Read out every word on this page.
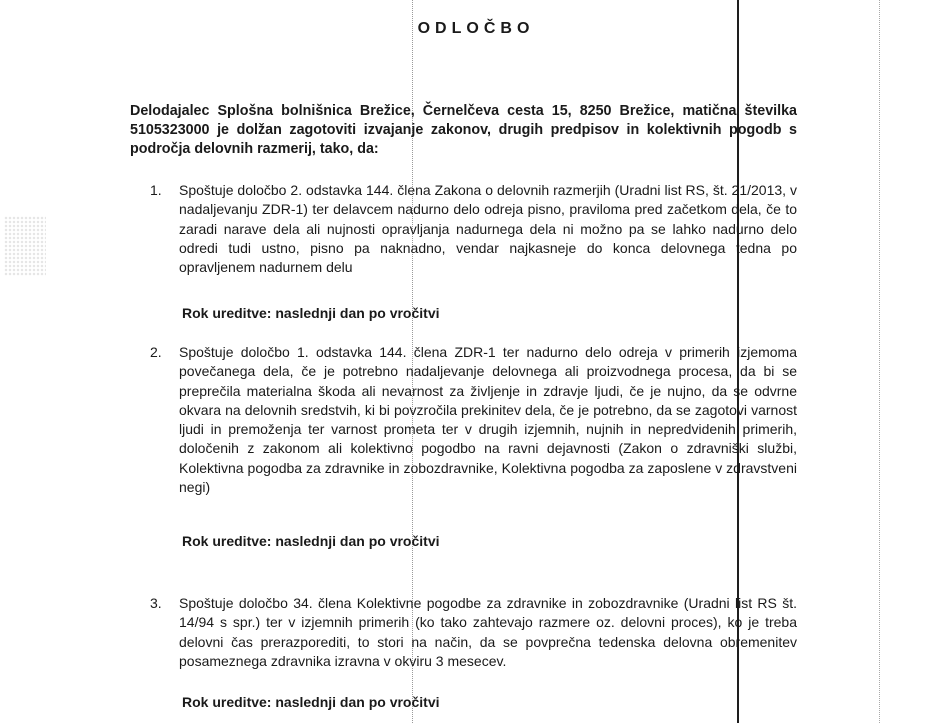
ODLOČBO
Delodajalec Splošna bolnišnica Brežice, Černelčeva cesta 15, 8250 Brežice, matična številka 5105323000 je dolžan zagotoviti izvajanje zakonov, drugih predpisov in kolektivnih pogodb s področja delovnih razmerij, tako, da:
1. Spoštuje določbo 2. odstavka 144. člena Zakona o delovnih razmerjih (Uradni list RS, št. 21/2013, v nadaljevanju ZDR-1) ter delavcem nadurno delo odreja pisno, praviloma pred začetkom dela, če to zaradi narave dela ali nujnosti opravljanja nadurnega dela ni možno pa se lahko nadurno delo odredi tudi ustno, pisno pa naknadno, vendar najkasneje do konca delovnega tedna po opravljenem nadurnem delu
Rok ureditve: naslednji dan po vročitvi
2. Spoštuje določbo 1. odstavka 144. člena ZDR-1 ter nadurno delo odreja v primerih izjemoma povečanega dela, če je potrebno nadaljevanje delovnega ali proizvodnega procesa, da bi se preprečila materialna škoda ali nevarnost za življenje in zdravje ljudi, če je nujno, da se odvrne okvara na delovnih sredstvih, ki bi povzročila prekinitev dela, če je potrebno, da se zagotovi varnost ljudi in premoženja ter varnost prometa ter v drugih izjemnih, nujnih in nepredvidenih primerih, določenih z zakonom ali kolektivno pogodbo na ravni dejavnosti (Zakon o zdravniški službi, Kolektivna pogodba za zdravnike in zobozdravnike, Kolektivna pogodba za zaposlene v zdravstveni negi)
Rok ureditve: naslednji dan po vročitvi
3. Spoštuje določbo 34. člena Kolektivne pogodbe za zdravnike in zobozdravnike (Uradni list RS št. 14/94 s spr.) ter v izjemnih primerih (ko tako zahtevajo razmere oz. delovni proces), ko je treba delovni čas prerazporediti, to stori na način, da se povprečna tedenska delovna obremenitev posameznega zdravnika izravna v okviru 3 mesecev.
Rok ureditve: naslednji dan po vročitvi
